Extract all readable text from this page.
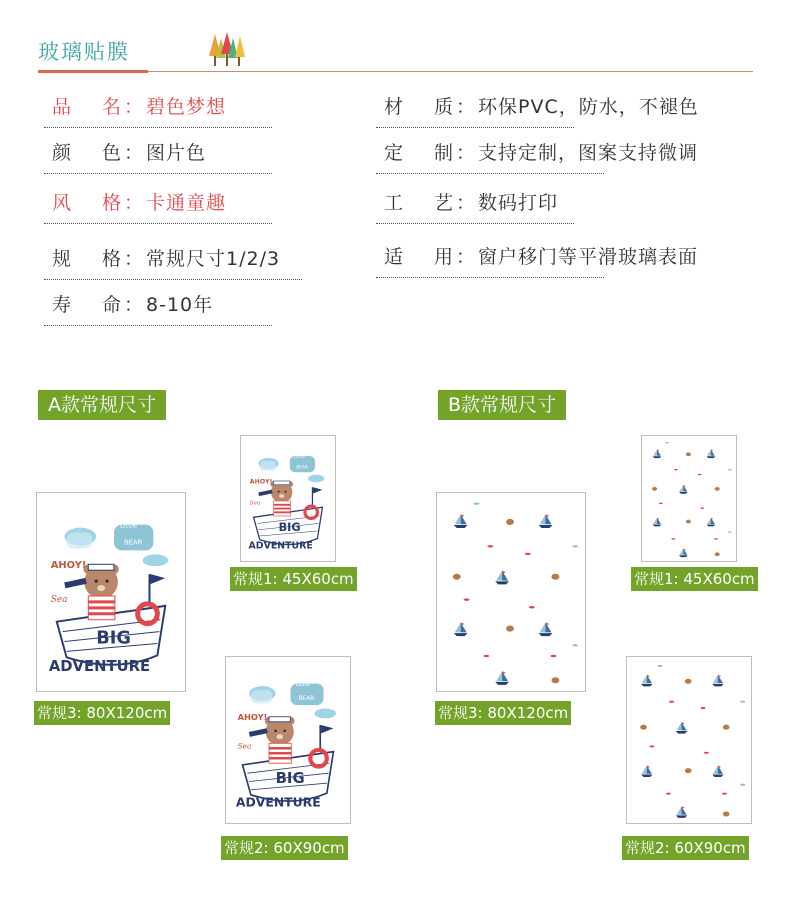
玻璃贴膜
品 名 ： 碧色梦想
颜 色 ： 图片色
风 格 ： 卡通童趣
规 格 ： 常规尺寸1/2/3
寿 命 ： 8-10年
材 质 ： 环保PVC，防水，不褪色
定 制 ： 支持定制，图案支持微调
工 艺 ： 数码打印
适 用 ： 窗户移门等平滑玻璃表面
A款常规尺寸	B款常规尺寸
Little
BEAR
AHOY!
Sea
BIG
ADVENTURE
Little
BEAR
AHOY!
Sea
BIG
ADVENTURE
Little
BEAR
AHOY!
Sea
BIG
ADVENTURE
常规3: 80X120cm
常规1: 45X60cm
常规2: 60X90cm
常规3: 80X120cm
常规1: 45X60cm
常规2: 60X90cm
